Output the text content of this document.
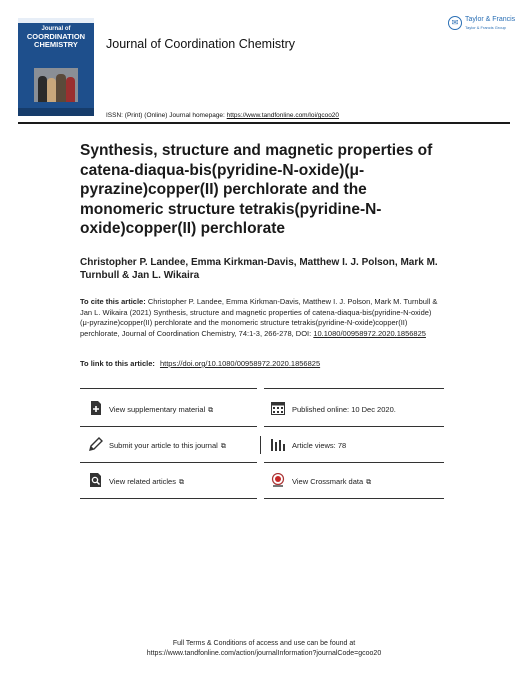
Journal of
COORDINATION
CHEMISTRY	Journal of Coordination Chemistry
✉ Taylor & Francis
Taylor & Francis Group
ISSN: (Print) (Online) Journal homepage: https://www.tandfonline.com/loi/gcoo20
Synthesis, structure and magnetic properties of catena-diaqua-bis(pyridine-N-oxide)(μ-pyrazine)copper(II) perchlorate and the monomeric structure tetrakis(pyridine-N-oxide)copper(II) perchlorate
Christopher P. Landee, Emma Kirkman-Davis, Matthew I. J. Polson, Mark M. Turnbull & Jan L. Wikaira
To cite this article: Christopher P. Landee, Emma Kirkman-Davis, Matthew I. J. Polson, Mark M. Turnbull & Jan L. Wikaira (2021) Synthesis, structure and magnetic properties of catena-diaqua-bis(pyridine-N-oxide)(μ-pyrazine)copper(II) perchlorate and the monomeric structure tetrakis(pyridine-N-oxide)copper(II) perchlorate, Journal of Coordination Chemistry, 74:1-3, 266-278, DOI: 10.1080/00958972.2020.1856825
To link to this article: https://doi.org/10.1080/00958972.2020.1856825
View supplementary material ⧉	Published online: 10 Dec 2020.
Submit your article to this journal ⧉	Article views: 78
View related articles ⧉	View Crossmark data ⧉
Full Terms & Conditions of access and use can be found at
https://www.tandfonline.com/action/journalInformation?journalCode=gcoo20
